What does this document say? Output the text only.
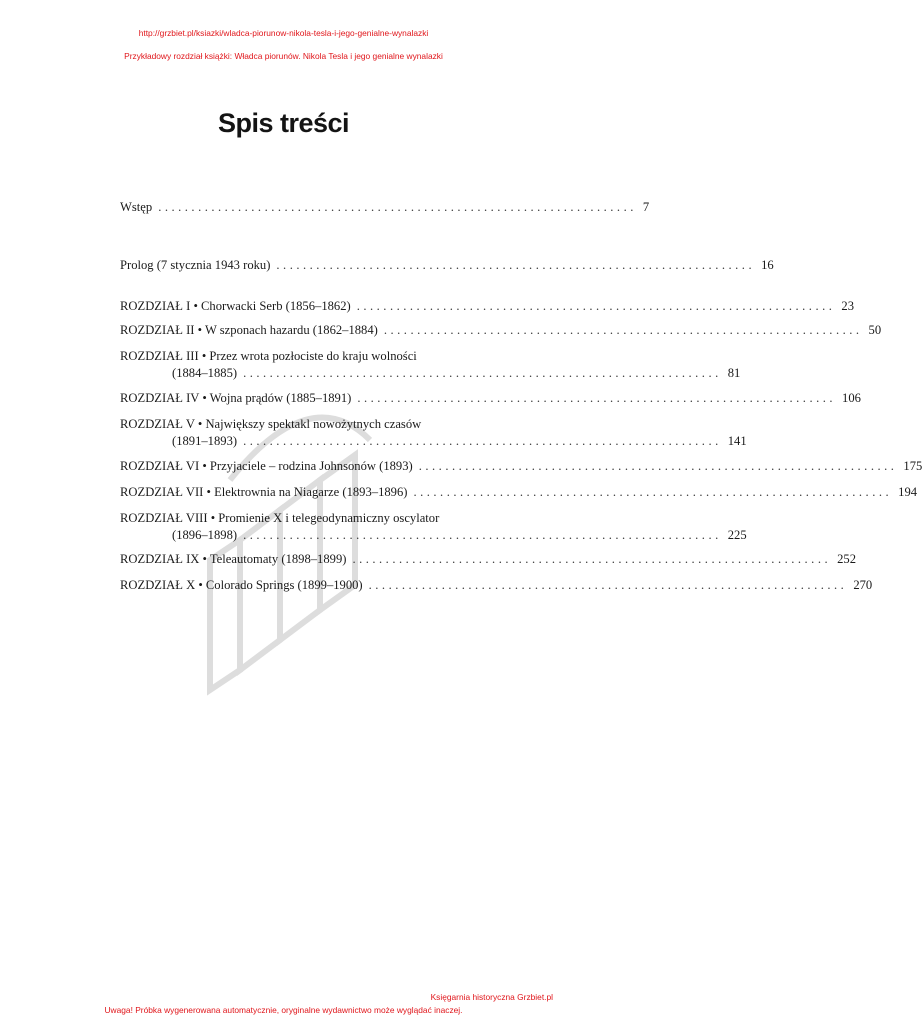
http://grzbiet.pl/ksiazki/wladca-piorunow-nikola-tesla-i-jego-genialne-wynalazki
Przykładowy rozdział książki: Władca piorunów. Nikola Tesla i jego genialne wynalazki
Spis treści
Wstęp ........................................................................ 7
Prolog (7 stycznia 1943 roku) ........................................................................ 16
ROZDZIAŁ I • Chorwacki Serb (1856–1862) ........................................................................ 23
ROZDZIAŁ II • W szponach hazardu (1862–1884) ........................................................................ 50
ROZDZIAŁ III • Przez wrota pozłociste do kraju wolności
(1884–1885) ........................................................................ 81
ROZDZIAŁ IV • Wojna prądów (1885–1891) ........................................................................ 106
ROZDZIAŁ V • Największy spektakl nowożytnych czasów
(1891–1893) ........................................................................ 141
ROZDZIAŁ VI • Przyjaciele – rodzina Johnsonów (1893) ........................................................................ 175
ROZDZIAŁ VII • Elektrownia na Niagarze (1893–1896) ........................................................................ 194
ROZDZIAŁ VIII • Promienie X i telegeodynamiczny oscylator
(1896–1898) ........................................................................ 225
ROZDZIAŁ IX • Teleautomaty (1898–1899) ........................................................................ 252
ROZDZIAŁ X • Colorado Springs (1899–1900) ........................................................................ 270
Księgarnia historyczna Grzbiet.pl
Uwaga! Próbka wygenerowana automatycznie, oryginalne wydawnictwo może wyglądać inaczej.
